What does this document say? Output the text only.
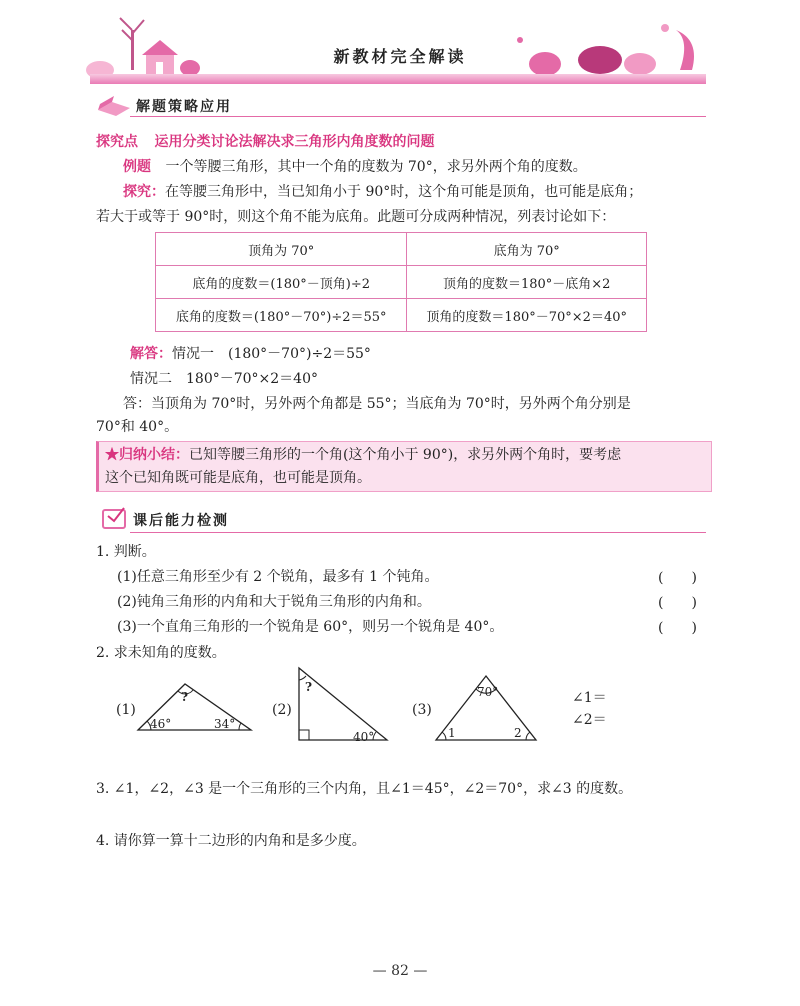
新教材完全解读
解题策略应用
探究点 运用分类讨论法解决求三角形内角度数的问题
例题 一个等腰三角形，其中一个角的度数为 70°，求另外两个角的度数。
探究：在等腰三角形中，当已知角小于 90°时，这个角可能是顶角，也可能是底角；
若大于或等于 90°时，则这个角不能为底角。此题可分成两种情况，列表讨论如下：
顶角为 70°	底角为 70°
底角的度数＝(180°－顶角)÷2	顶角的度数＝180°－底角×2
底角的度数＝(180°－70°)÷2＝55°	顶角的度数＝180°－70°×2＝40°
解答：情况一　(180°－70°)÷2＝55°
情况二　180°－70°×2＝40°
答：当顶角为 70°时，另外两个角都是 55°；当底角为 70°时，另外两个角分别是
70°和 40°。
★归纳小结：已知等腰三角形的一个角(这个角小于 90°)，求另外两个角时，要考虑
这个已知角既可能是底角，也可能是顶角。
课后能力检测
1. 判断。
(1)任意三角形至少有 2 个锐角，最多有 1 个钝角。	(　　)
(2)钝角三角形的内角和大于锐角三角形的内角和。	(　　)
(3)一个直角三角形的一个锐角是 60°，则另一个锐角是 40°。	(　　)
2. 求未知角的度数。
(1)
46°	34°
?
(2)
?
40°
(3)
70°
1	2
∠1＝
∠2＝
3. ∠1，∠2，∠3 是一个三角形的三个内角，且∠1＝45°，∠2＝70°，求∠3 的度数。
4. 请你算一算十二边形的内角和是多少度。
— 82 —
